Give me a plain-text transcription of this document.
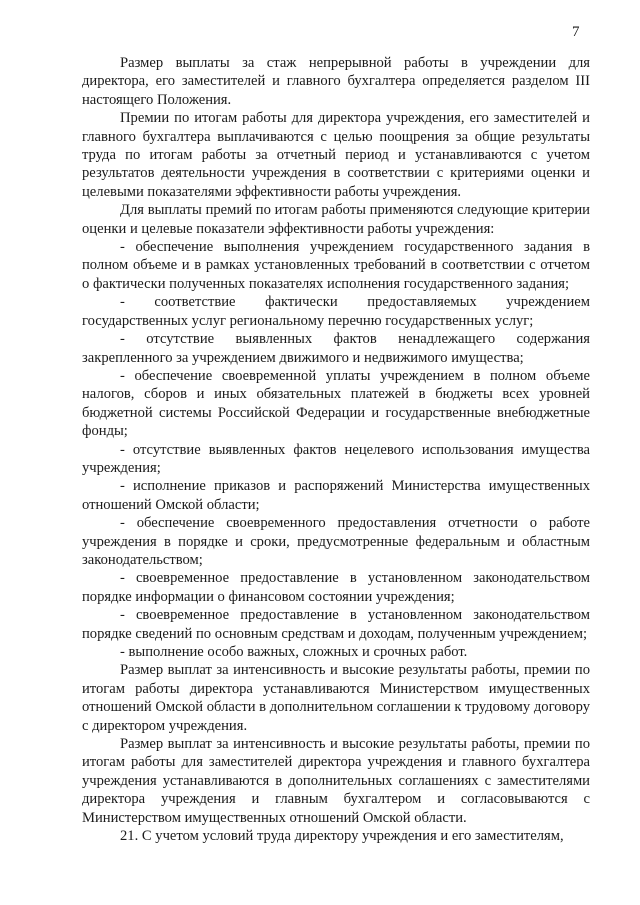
7

Размер выплаты за стаж непрерывной работы в учреждении для директора, его заместителей и главного бухгалтера определяется разделом III настоящего Положения.

Премии по итогам работы для директора учреждения, его заместителей и главного бухгалтера выплачиваются с целью поощрения за общие результаты труда по итогам работы за отчетный период и устанавливаются с учетом результатов деятельности учреждения в соответствии с критериями оценки и целевыми показателями эффективности работы учреждения.

Для выплаты премий по итогам работы применяются следующие критерии оценки и целевые показатели эффективности работы учреждения:

- обеспечение выполнения учреждением государственного задания в полном объеме и в рамках установленных требований в соответствии с отчетом о фактически полученных показателях исполнения государственного задания;

- соответствие фактически предоставляемых учреждением государственных услуг региональному перечню государственных услуг;

- отсутствие выявленных фактов ненадлежащего содержания закрепленного за учреждением движимого и недвижимого имущества;

- обеспечение своевременной уплаты учреждением в полном объеме налогов, сборов и иных обязательных платежей в бюджеты всех уровней бюджетной системы Российской Федерации и государственные внебюджетные фонды;

- отсутствие выявленных фактов нецелевого использования имущества учреждения;

- исполнение приказов и распоряжений Министерства имущественных отношений Омской области;

- обеспечение своевременного предоставления отчетности о работе учреждения в порядке и сроки, предусмотренные федеральным и областным законодательством;

- своевременное предоставление в установленном законодательством порядке информации о финансовом состоянии учреждения;

- своевременное предоставление в установленном законодательством порядке сведений по основным средствам и доходам, полученным учреждением;

- выполнение особо важных, сложных и срочных работ.

Размер выплат за интенсивность и высокие результаты работы, премии по итогам работы директора устанавливаются Министерством имущественных отношений Омской области в дополнительном соглашении к трудовому договору с директором учреждения.

Размер выплат за интенсивность и высокие результаты работы, премии по итогам работы для заместителей директора учреждения и главного бухгалтера учреждения устанавливаются в дополнительных соглашениях с заместителями директора учреждения и главным бухгалтером и согласовываются с Министерством имущественных отношений Омской области.

21. С учетом условий труда директору учреждения и его заместителям,
